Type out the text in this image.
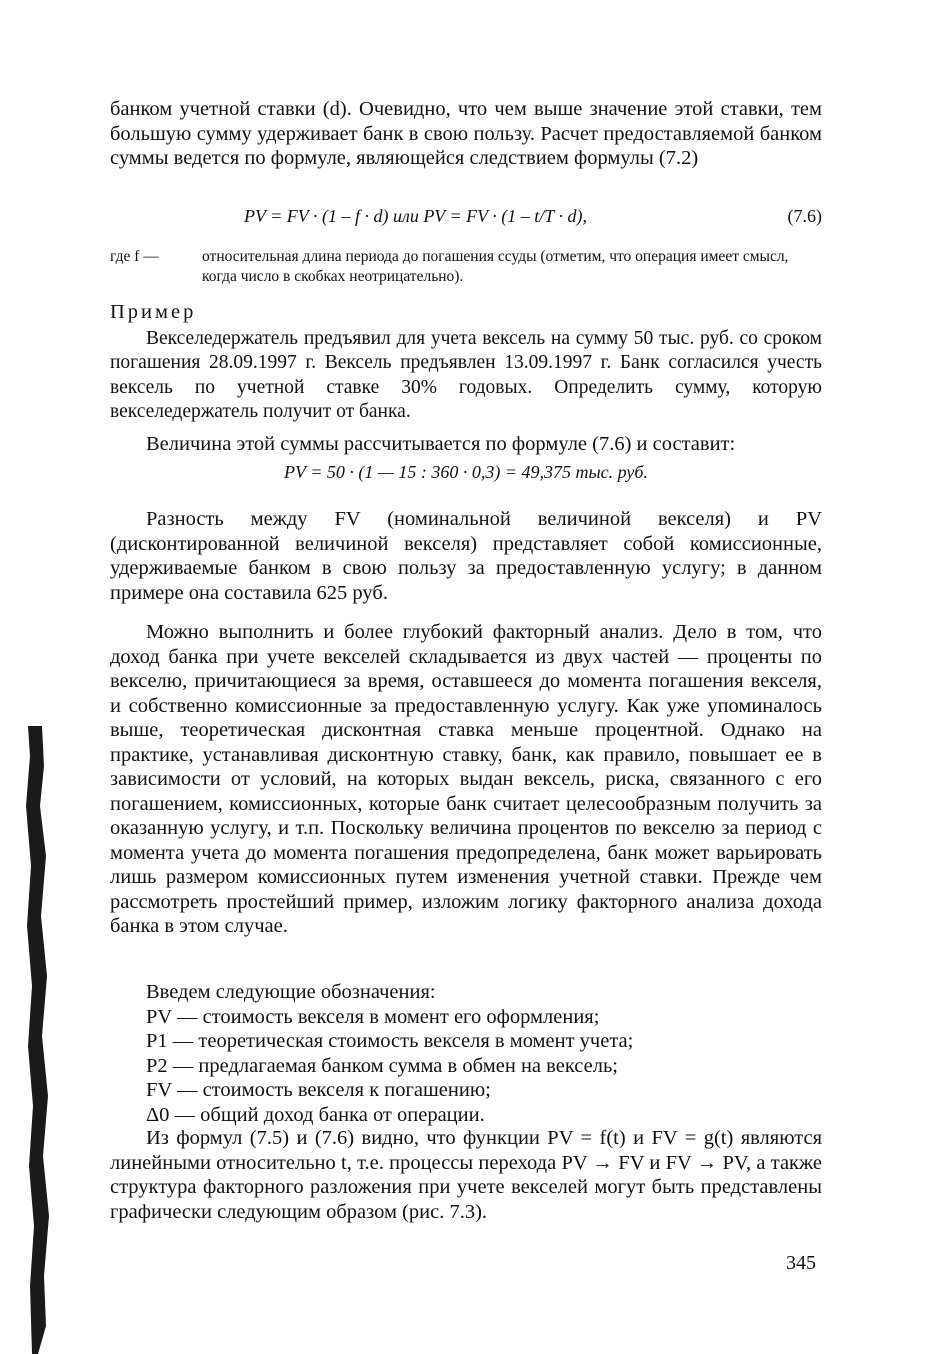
банком учетной ставки (d). Очевидно, что чем выше значение этой ставки, тем большую сумму удерживает банк в свою пользу. Расчет предоставляемой банком суммы ведется по формуле, являющейся следствием формулы (7.2)

PV = FV · (1 – f · d) или PV = FV · (1 – t/T · d),	(7.6)
где f —	относительная длина периода до погашения ссуды (отметим, что операция имеет смысл, когда число в скобках неотрицательно).

Пример

Векселедержатель предъявил для учета вексель на сумму 50 тыс. руб. со сроком погашения 28.09.1997 г. Вексель предъявлен 13.09.1997 г. Банк согласился учесть вексель по учетной ставке 30% годовых. Определить сумму, которую векселедержатель получит от банка.

Величина этой суммы рассчитывается по формуле (7.6) и составит:

PV = 50 · (1 — 15 : 360 · 0,3) = 49,375 тыс. руб.

Разность между FV (номинальной величиной векселя) и PV (дисконтированной величиной векселя) представляет собой комиссионные, удерживаемые банком в свою пользу за предоставленную услугу; в данном примере она составила 625 руб.

Можно выполнить и более глубокий факторный анализ. Дело в том, что доход банка при учете векселей складывается из двух частей — проценты по векселю, причитающиеся за время, оставшееся до момента погашения векселя, и собственно комиссионные за предоставленную услугу. Как уже упоминалось выше, теоретическая дисконтная ставка меньше процентной. Однако на практике, устанавливая дисконтную ставку, банк, как правило, повышает ее в зависимости от условий, на которых выдан вексель, риска, связанного с его погашением, комиссионных, которые банк считает целесообразным получить за оказанную услугу, и т.п. Поскольку величина процентов по векселю за период с момента учета до момента погашения предопределена, банк может варьировать лишь размером комиссионных путем изменения учетной ставки. Прежде чем рассмотреть простейший пример, изложим логику факторного анализа дохода банка в этом случае.

Введем следующие обозначения:

PV — стоимость векселя в момент его оформления;

P1 — теоретическая стоимость векселя в момент учета;

P2 — предлагаемая банком сумма в обмен на вексель;

FV — стоимость векселя к погашению;

Δ0 — общий доход банка от операции.

Из формул (7.5) и (7.6) видно, что функции PV = f(t) и FV = g(t) являются линейными относительно t, т.е. процессы перехода PV → FV и FV → PV, а также структура факторного разложения при учете векселей могут быть представлены графически следующим образом (рис. 7.3).

345
